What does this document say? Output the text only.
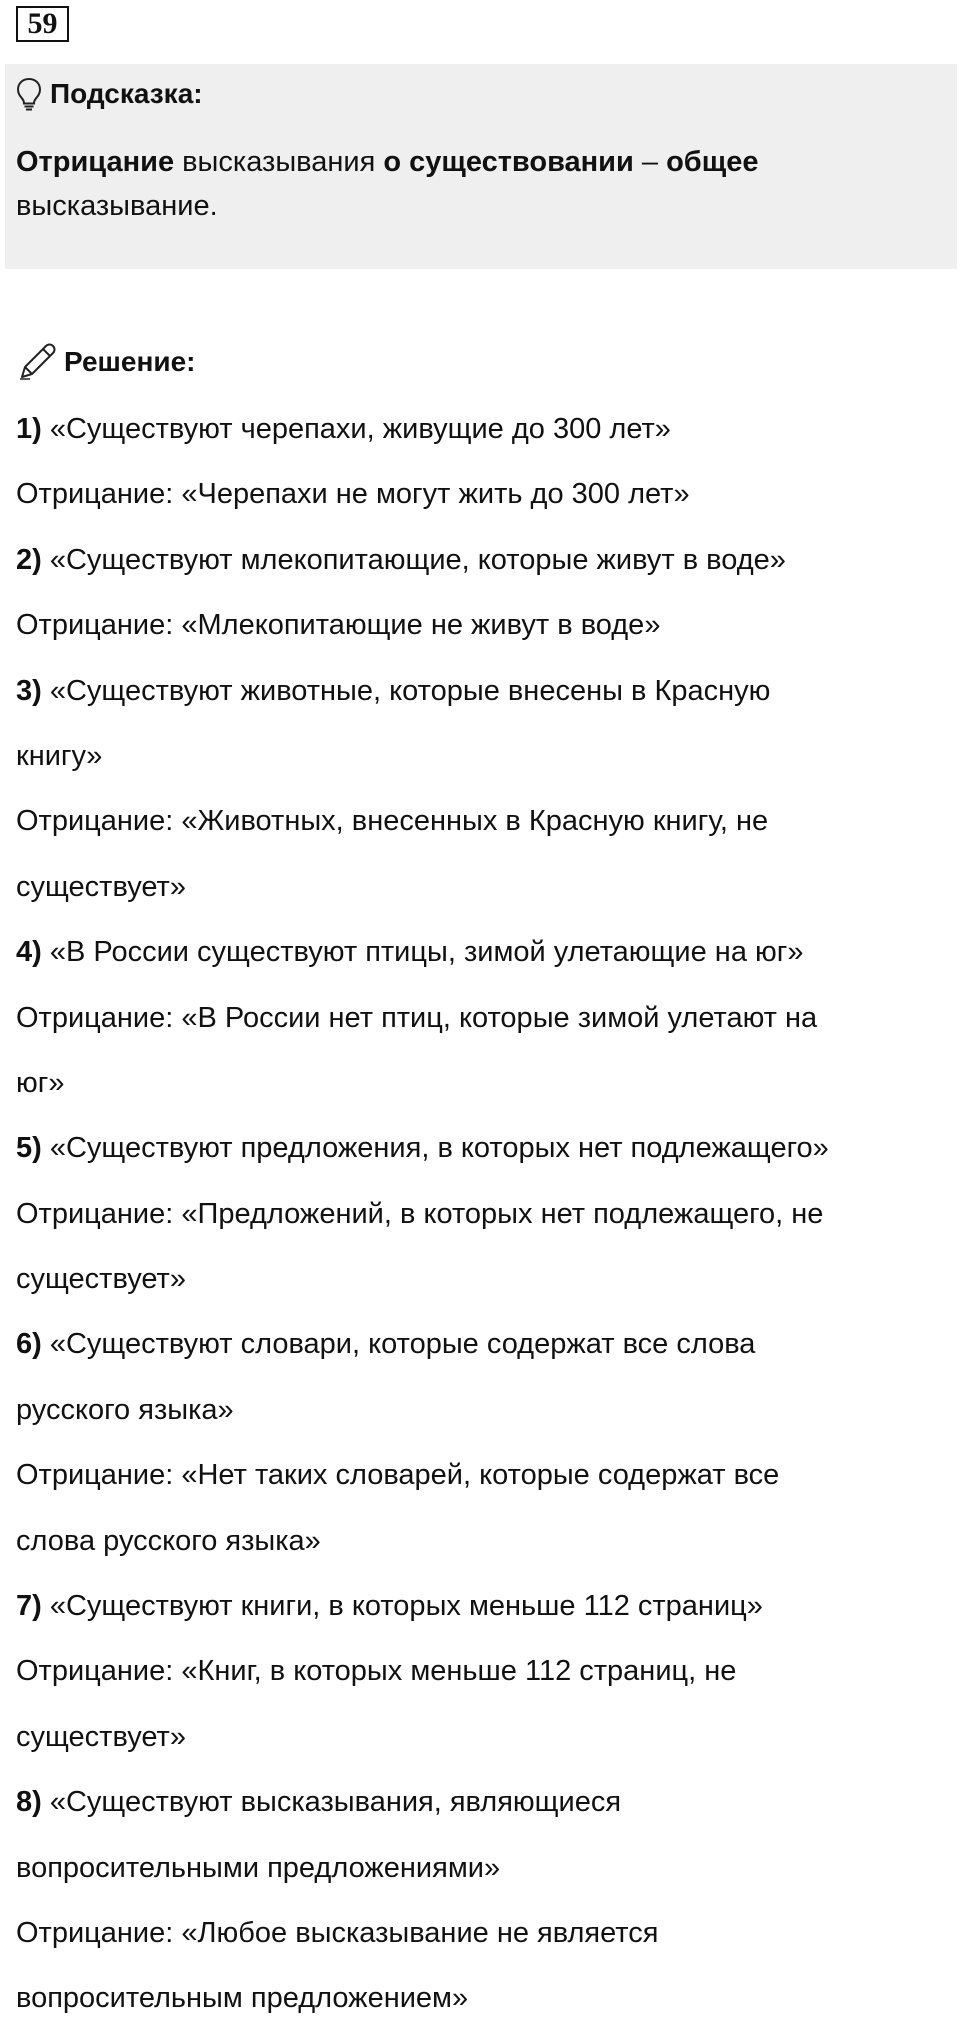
59
Подсказка:
Отрицание высказывания о существовании – общее
высказывание.
Решение:
1) «Существуют черепахи, живущие до 300 лет»
Отрицание: «Черепахи не могут жить до 300 лет»
2) «Существуют млекопитающие, которые живут в воде»
Отрицание: «Млекопитающие не живут в воде»
3) «Существуют животные, которые внесены в Красную
книгу»
Отрицание: «Животных, внесенных в Красную книгу, не
существует»
4) «В России существуют птицы, зимой улетающие на юг»
Отрицание: «В России нет птиц, которые зимой улетают на
юг»
5) «Существуют предложения, в которых нет подлежащего»
Отрицание: «Предложений, в которых нет подлежащего, не
существует»
6) «Существуют словари, которые содержат все слова
русского языка»
Отрицание: «Нет таких словарей, которые содержат все
слова русского языка»
7) «Существуют книги, в которых меньше 112 страниц»
Отрицание: «Книг, в которых меньше 112 страниц, не
существует»
8) «Существуют высказывания, являющиеся
вопросительными предложениями»
Отрицание: «Любое высказывание не является
вопросительным предложением»
